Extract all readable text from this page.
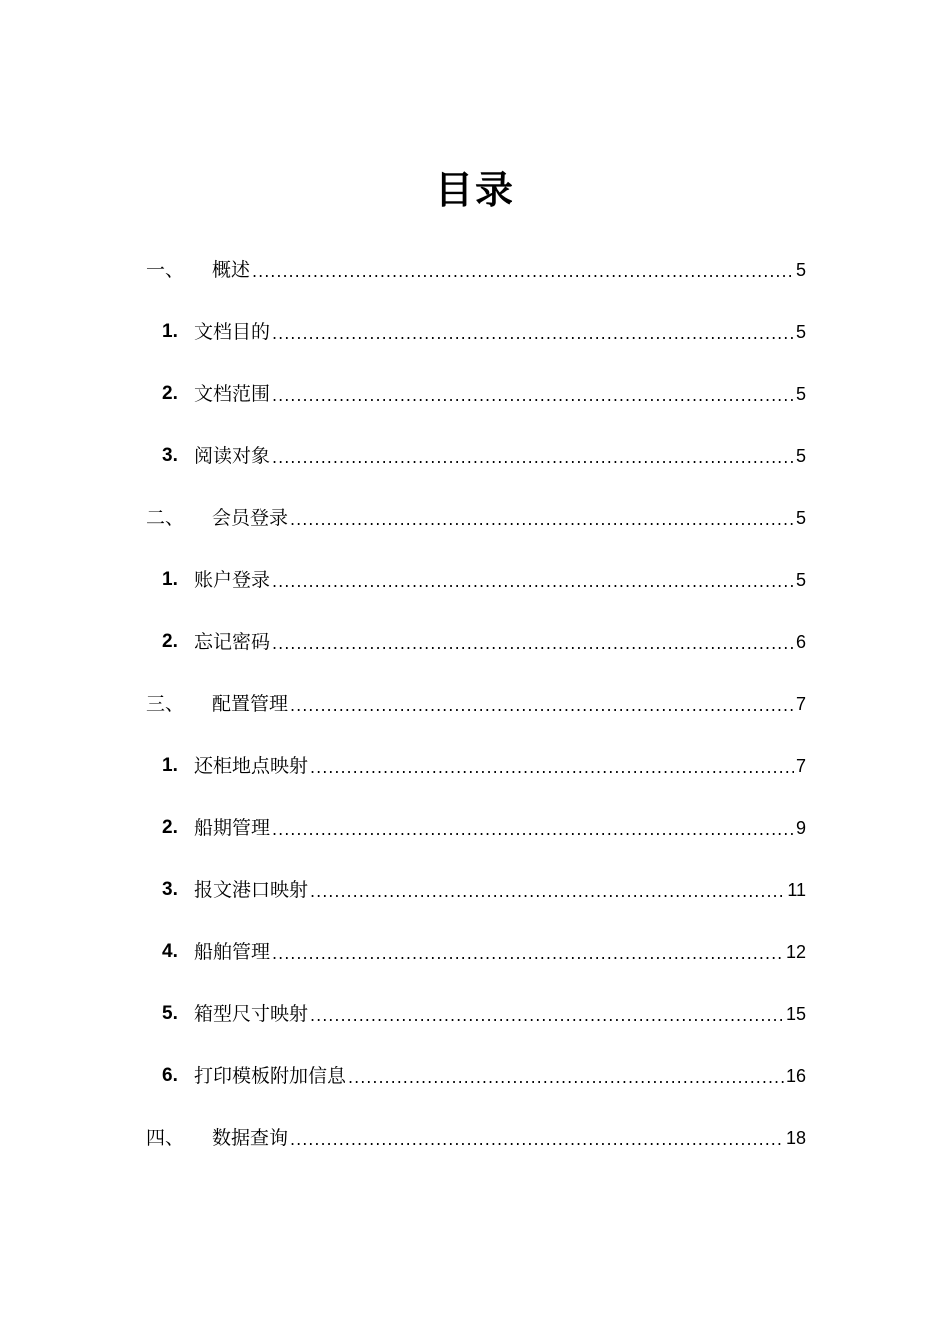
目录
一、	概述 .....	5
1. 文档目的 .....	5
2. 文档范围 .....	5
3. 阅读对象 .....	5
二、	会员登录 .....	5
1. 账户登录 .....	5
2. 忘记密码 .....	6
三、	配置管理 .....	7
1. 还柜地点映射 .....	7
2. 船期管理 .....	9
3. 报文港口映射 .....	11
4. 船舶管理 .....	12
5. 箱型尺寸映射 .....	15
6. 打印模板附加信息 .....	16
四、	数据查询 .....	18
